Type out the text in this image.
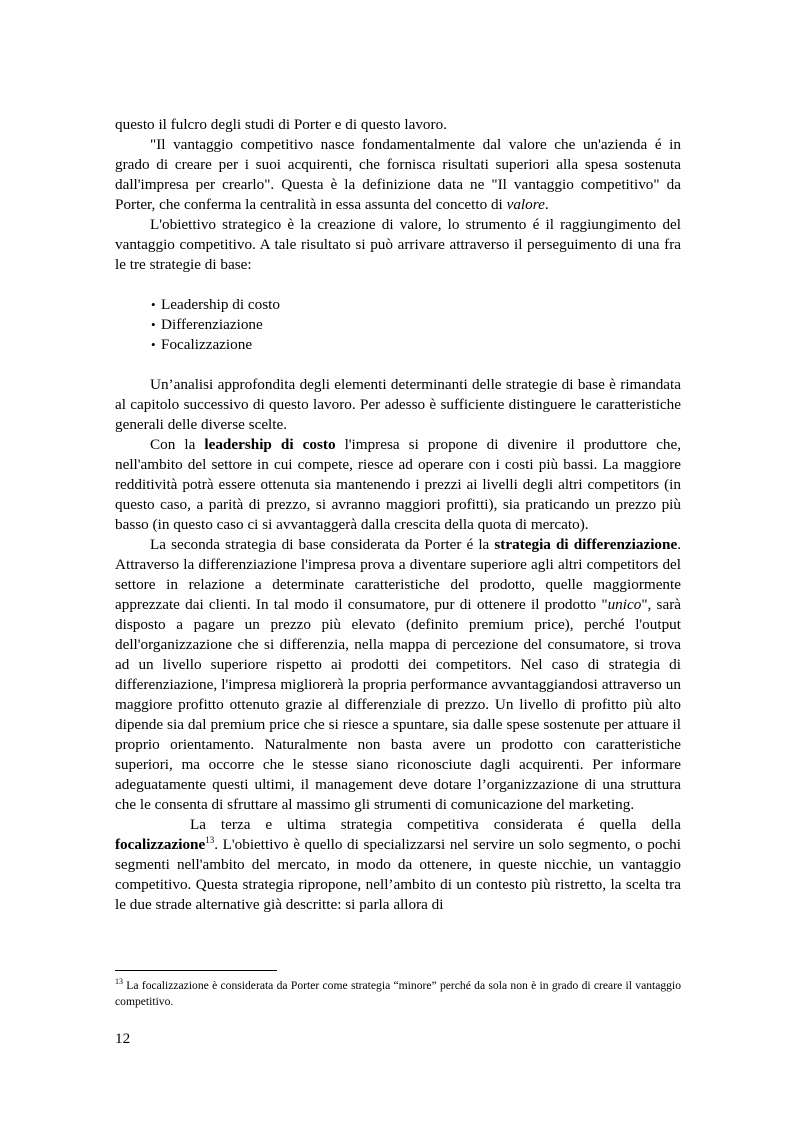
questo il fulcro degli studi di Porter e di questo lavoro.

"Il vantaggio competitivo nasce fondamentalmente dal valore che un'azienda é in grado di creare per i suoi acquirenti, che fornisca risultati superiori alla spesa sostenuta dall'impresa per crearlo". Questa è la definizione data ne "Il vantaggio competitivo" da Porter, che conferma la centralità in essa assunta del concetto di valore.

L'obiettivo strategico è la creazione di valore, lo strumento é il raggiungimento del vantaggio competitivo. A tale risultato si può arrivare attraverso il perseguimento di una fra le tre strategie di base:

• Leadership di costo
• Differenziazione
• Focalizzazione

Un’analisi approfondita degli elementi determinanti delle strategie di base è rimandata al capitolo successivo di questo lavoro. Per adesso è sufficiente distinguere le caratteristiche generali delle diverse scelte.

Con la leadership di costo l'impresa si propone di divenire il produttore che, nell'ambito del settore in cui compete, riesce ad operare con i costi più bassi. La maggiore redditività potrà essere ottenuta sia mantenendo i prezzi ai livelli degli altri competitors (in questo caso, a parità di prezzo, si avranno maggiori profitti), sia praticando un prezzo più basso (in questo caso ci si avvantaggerà dalla crescita della quota di mercato).

La seconda strategia di base considerata da Porter é la strategia di differenziazione. Attraverso la differenziazione l'impresa prova a diventare superiore agli altri competitors del settore in relazione a determinate caratteristiche del prodotto, quelle maggiormente apprezzate dai clienti. In tal modo il consumatore, pur di ottenere il prodotto "unico", sarà disposto a pagare un prezzo più elevato (definito premium price), perché l'output dell'organizzazione che si differenzia, nella mappa di percezione del consumatore, si trova ad un livello superiore rispetto ai prodotti dei competitors. Nel caso di strategia di differenziazione, l'impresa migliorerà la propria performance avvantaggiandosi attraverso un maggiore profitto ottenuto grazie al differenziale di prezzo. Un livello di profitto più alto dipende sia dal premium price che si riesce a spuntare, sia dalle spese sostenute per attuare il proprio orientamento. Naturalmente non basta avere un prodotto con caratteristiche superiori, ma occorre che le stesse siano riconosciute dagli acquirenti. Per informare adeguatamente questi ultimi, il management deve dotare l’organizzazione di una struttura che le consenta di sfruttare al massimo gli strumenti di comunicazione del marketing.

La terza e ultima strategia competitiva considerata é quella della focalizzazione$^{13}$. L'obiettivo è quello di specializzarsi nel servire un solo segmento, o pochi segmenti nell'ambito del mercato, in modo da ottenere, in queste nicchie, un vantaggio competitivo. Questa strategia ripropone, nell’ambito di un contesto più ristretto, la scelta tra le due strade alternative già descritte: si parla allora di

$^{13}$ La focalizzazione è considerata da Porter come strategia “minore” perché da sola non è in grado di creare il vantaggio competitivo.

12
